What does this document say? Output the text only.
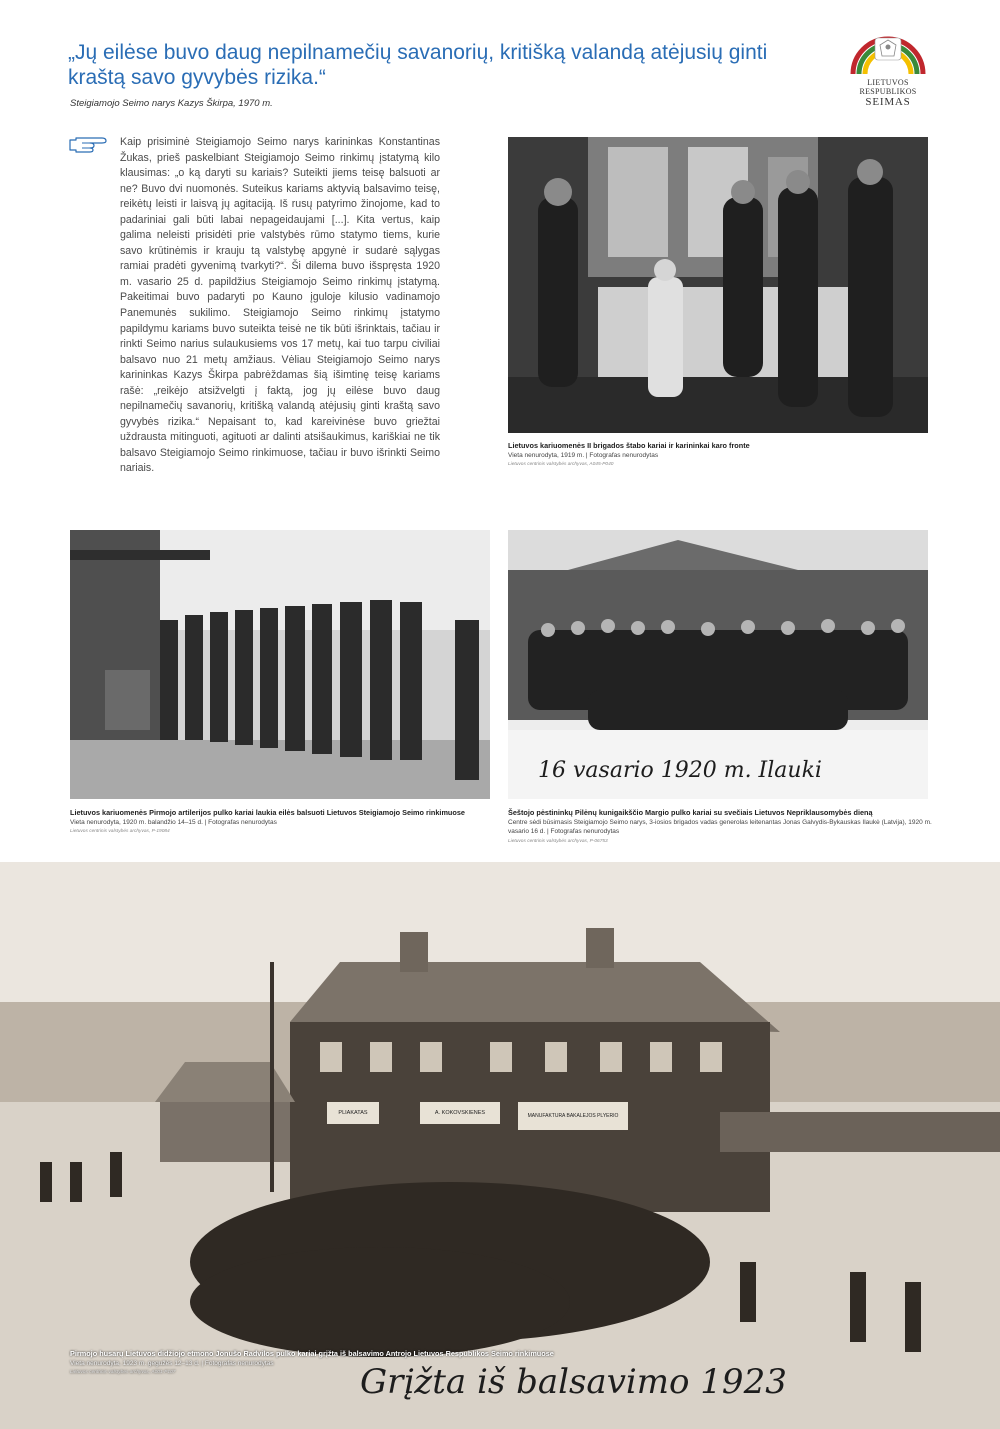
„Jų eilėse buvo daug nepilnamečių savanorių, kritišką valandą atėjusių ginti kraštą savo gyvybės rizika.“
Steigiamojo Seimo narys Kazys Škirpa, 1970 m.
LIETUVOS RESPUBLIKOS
SEIMAS

Kaip prisiminė Steigiamojo Seimo narys karininkas Konstantinas Žukas, prieš paskelbiant Steigiamojo Seimo rinkimų įstatymą kilo klausimas: „o ką daryti su kariais? Suteikti jiems teisę balsuoti ar ne? Buvo dvi nuomonės. Suteikus kariams aktyvią balsavimo teisę, reikėtų leisti ir laisvą jų agitaciją. Iš rusų patyrimo žinojome, kad to padariniai gali būti labai nepageidaujami [...]. Kita vertus, kaip galima neleisti prisidėti prie valstybės rūmo statymo tiems, kurie savo krūtinėmis ir krauju tą valstybę apgynė ir sudarė sąlygas ramiai pradėti gyvenimą tvarkyti?“. Ši dilema buvo išspręsta 1920 m. vasario 25 d. papildžius Steigiamojo Seimo rinkimų įstatymą. Pakeitimai buvo padaryti po Kauno įguloje kilusio vadinamojo Panemunės sukilimo. Steigiamojo Seimo rinkimų įstatymo papildymu kariams buvo suteikta teisė ne tik būti išrinktais, tačiau ir rinkti Seimo narius sulaukusiems vos 17 metų, kai tuo tarpu civiliai balsavo nuo 21 metų amžiaus. Vėliau Steigiamojo Seimo narys karininkas Kazys Škirpa pabrėždamas šią išimtinę teisę kariams rašė: „reikėjo atsižvelgti į faktą, jog jų eilėse buvo daug nepilnamečių savanorių, kritišką valandą atėjusių ginti kraštą savo gyvybės rizika.“ Nepaisant to, kad kareivinėse buvo griežtai uždrausta mitinguoti, agituoti ar dalinti atsišaukimus, kariškiai ne tik balsavo Steigiamojo Seimo rinkimuose, tačiau ir buvo išrinkti Seimo nariais.

Lietuvos kariuomenės II brigados štabo kariai ir karininkai karo fronte
Vieta nenurodyta, 1919 m. | Fotografas nenurodytas
Lietuvos centrinis valstybės archyvas, A045-P040
Lietuvos kariuomenės Pirmojo artilerijos pulko kariai laukia eilės balsuoti Lietuvos Steigiamojo Seimo rinkimuose
Vieta nenurodyta, 1920 m. balandžio 14–15 d. | Fotografas nenurodytas
Lietuvos centrinis valstybės archyvas, P-19084
16 vasario 1920 m. Ilauki
Šeštojo pėstininkų Pilėnų kunigaikščio Margio pulko kariai su svečiais Lietuvos Nepriklausomybės dieną
Centre sėdi būsimasis Steigiamojo Seimo narys, 3-iosios brigados vadas generolas leitenantas Jonas Galvydis-Bykauskas Ilaukė (Latvija), 1920 m. vasario 16 d. | Fotografas nenurodytas
Lietuvos centrinis valstybės archyvas, P-06753
PLIAKATAS	A. KOKOVSKIENES	MANUFAKTURA BAKALEJOS PLYERIO
Grįžta iš balsavimo 1923
Pirmojo husarų Lietuvos didžiojo etmono Jonušo Radvilos pulko kariai grįžta iš balsavimo Antrojo Lietuvos Respublikos Seimo rinkimuose
Vieta nenurodyta, 1923 m. gegužės 12–13 d. | Fotografas nenurodytas
Lietuvos centrinis valstybės archyvas, A001-P107
